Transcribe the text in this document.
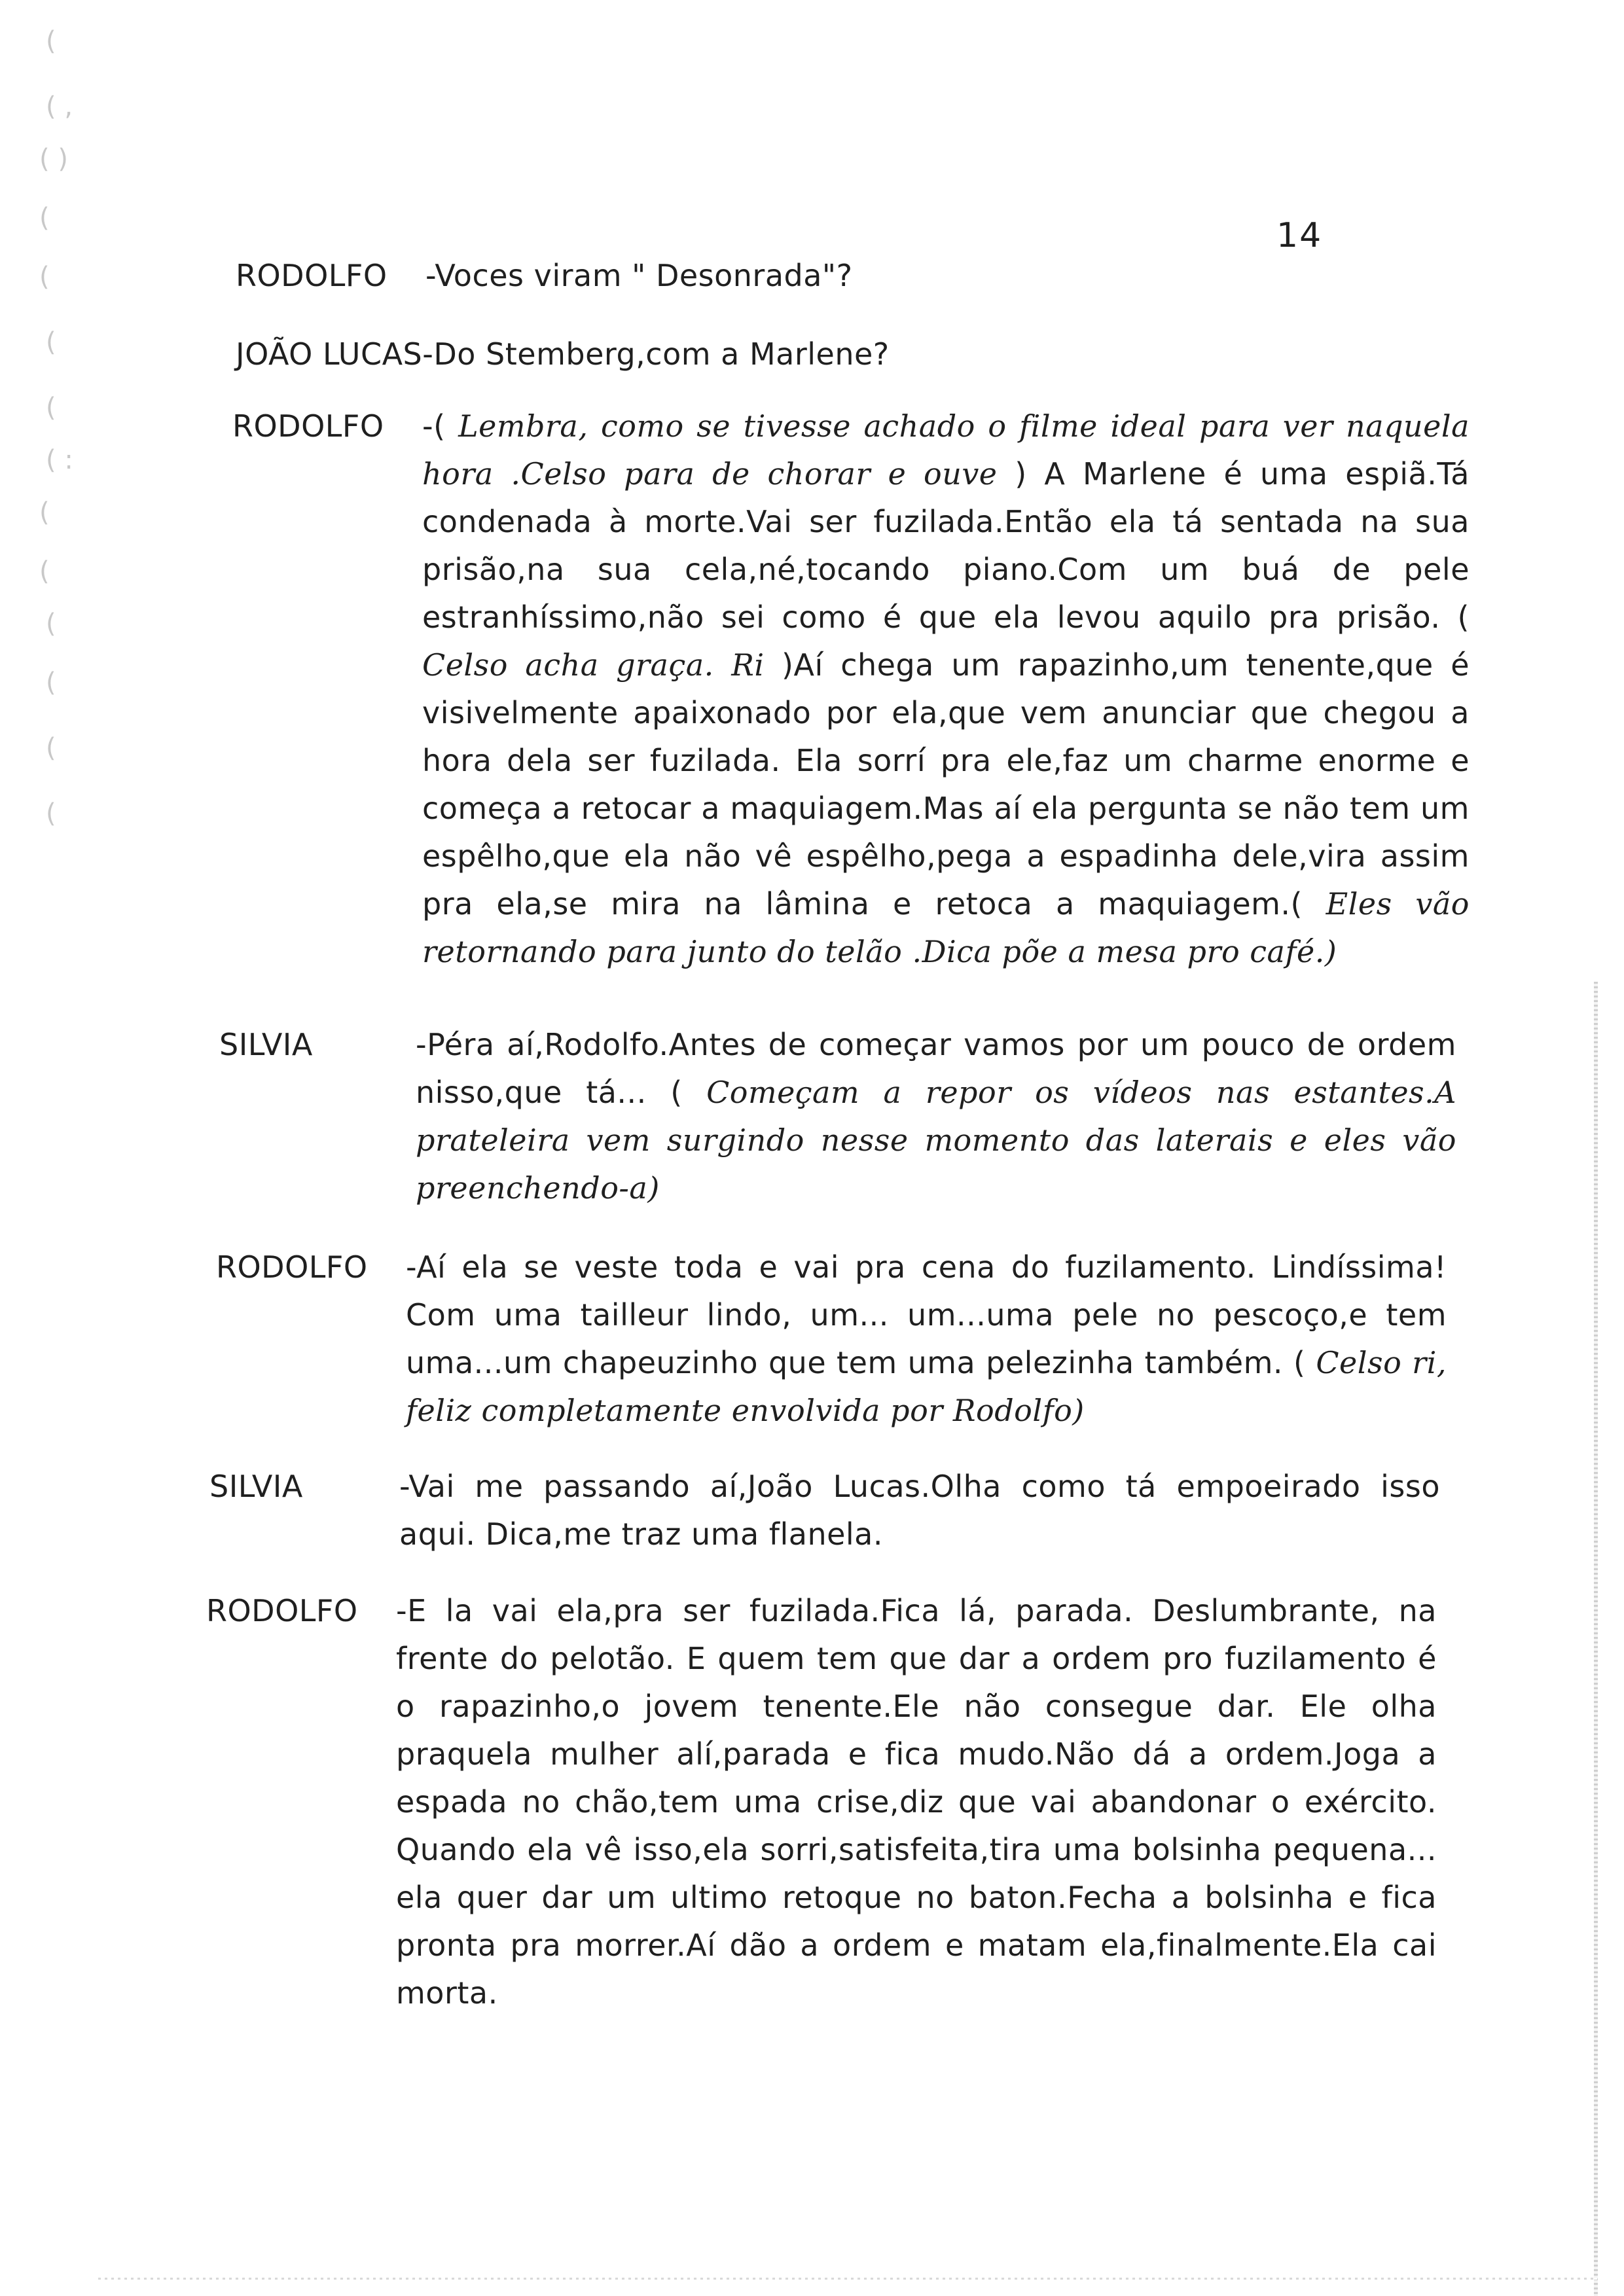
(
( ,
( )
(
(
(
(
( :
(
(
(
(
(
(
14
RODOLFO -Voces viram " Desonrada"?
JOÃO LUCAS-Do Stemberg,com a Marlene?
RODOLFO -( Lembra, como se tivesse achado o filme ideal para ver naquela hora .Celso para de chorar e ouve ) A Marlene é uma espiã.Tá condenada à morte.Vai ser fuzilada.Então ela tá sentada na sua prisão,na sua cela,né,tocando piano.Com um buá de pele estranhíssimo,não sei como é que ela levou aquilo pra prisão. ( Celso acha graça. Ri )Aí chega um rapazinho,um tenente,que é visivelmente apaixonado por ela,que vem anunciar que chegou a hora dela ser fuzilada. Ela sorrí pra ele,faz um charme enorme e começa a retocar a maquiagem.Mas aí ela pergunta se não tem um espêlho,que ela não vê espêlho,pega a espadinha dele,vira assim pra ela,se mira na lâmina e retoca a maquiagem.( Eles vão retornando para junto do telão .Dica põe a mesa pro café.)
SILVIA	-Péra aí,Rodolfo.Antes de começar vamos por um pouco de ordem nisso,que tá... ( Começam a repor os vídeos nas estantes.A prateleira vem surgindo nesse momento das laterais e eles vão preenchendo-a)
RODOLFO -Aí ela se veste toda e vai pra cena do fuzilamento. Lindíssima! Com uma tailleur lindo, um... um...uma pele no pescoço,e tem uma...um chapeuzinho que tem uma pelezinha também. ( Celso ri, feliz completamente envolvida por Rodolfo)
SILVIA	-Vai me passando aí,João Lucas.Olha como tá empoeirado isso aqui. Dica,me traz uma flanela.
RODOLFO -E la vai ela,pra ser fuzilada.Fica lá, parada. Deslumbrante, na frente do pelotão. E quem tem que dar a ordem pro fuzilamento é o rapazinho,o jovem tenente.Ele não consegue dar. Ele olha praquela mulher alí,parada e fica mudo.Não dá a ordem.Joga a espada no chão,tem uma crise,diz que vai abandonar o exército. Quando ela vê isso,ela sorri,satisfeita,tira uma bolsinha pequena... ela quer dar um ultimo retoque no baton.Fecha a bolsinha e fica pronta pra morrer.Aí dão a ordem e matam ela,finalmente.Ela cai morta.
